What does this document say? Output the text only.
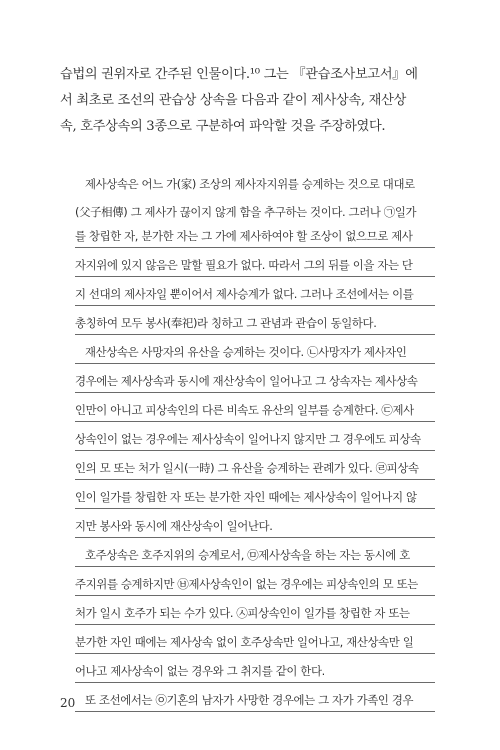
습법의 권위자로 간주된 인물이다.¹⁰ 그는 『관습조사보고서』에
서 최초로 조선의 관습상 상속을 다음과 같이 제사상속, 재산상
속, 호주상속의 3종으로 구분하여 파악할 것을 주장하였다.
제사상속은 어느 가(家) 조상의 제사자지위를 승계하는 것으로 대대로
(父子相傳) 그 제사가 끊이지 않게 함을 추구하는 것이다. 그러나 ㉠일가
를 창립한 자, 분가한 자는 그 가에 제사하여야 할 조상이 없으므로 제사
자지위에 있지 않음은 말할 필요가 없다. 따라서 그의 뒤를 이을 자는 단
지 선대의 제사자일 뿐이어서 제사승계가 없다. 그러나 조선에서는 이를
총칭하여 모두 봉사(奉祀)라 칭하고 그 관념과 관습이 동일하다.
재산상속은 사망자의 유산을 승계하는 것이다. ㉡사망자가 제사자인
경우에는 제사상속과 동시에 재산상속이 일어나고 그 상속자는 제사상속
인만이 아니고 피상속인의 다른 비속도 유산의 일부를 승계한다. ㉢제사
상속인이 없는 경우에는 제사상속이 일어나지 않지만 그 경우에도 피상속
인의 모 또는 처가 일시(一時) 그 유산을 승계하는 관례가 있다. ㉣피상속
인이 일가를 창립한 자 또는 분가한 자인 때에는 제사상속이 일어나지 않
지만 봉사와 동시에 재산상속이 일어난다.
호주상속은 호주지위의 승계로서, ㉤제사상속을 하는 자는 동시에 호
주지위를 승계하지만 ㉥제사상속인이 없는 경우에는 피상속인의 모 또는
처가 일시 호주가 되는 수가 있다. ㉦피상속인이 일가를 창립한 자 또는
분가한 자인 때에는 제사상속 없이 호주상속만 일어나고, 재산상속만 일
어나고 제사상속이 없는 경우와 그 취지를 같이 한다.
또 조선에서는 ㉧기혼의 남자가 사망한 경우에는 그 자가 가족인 경우
20
